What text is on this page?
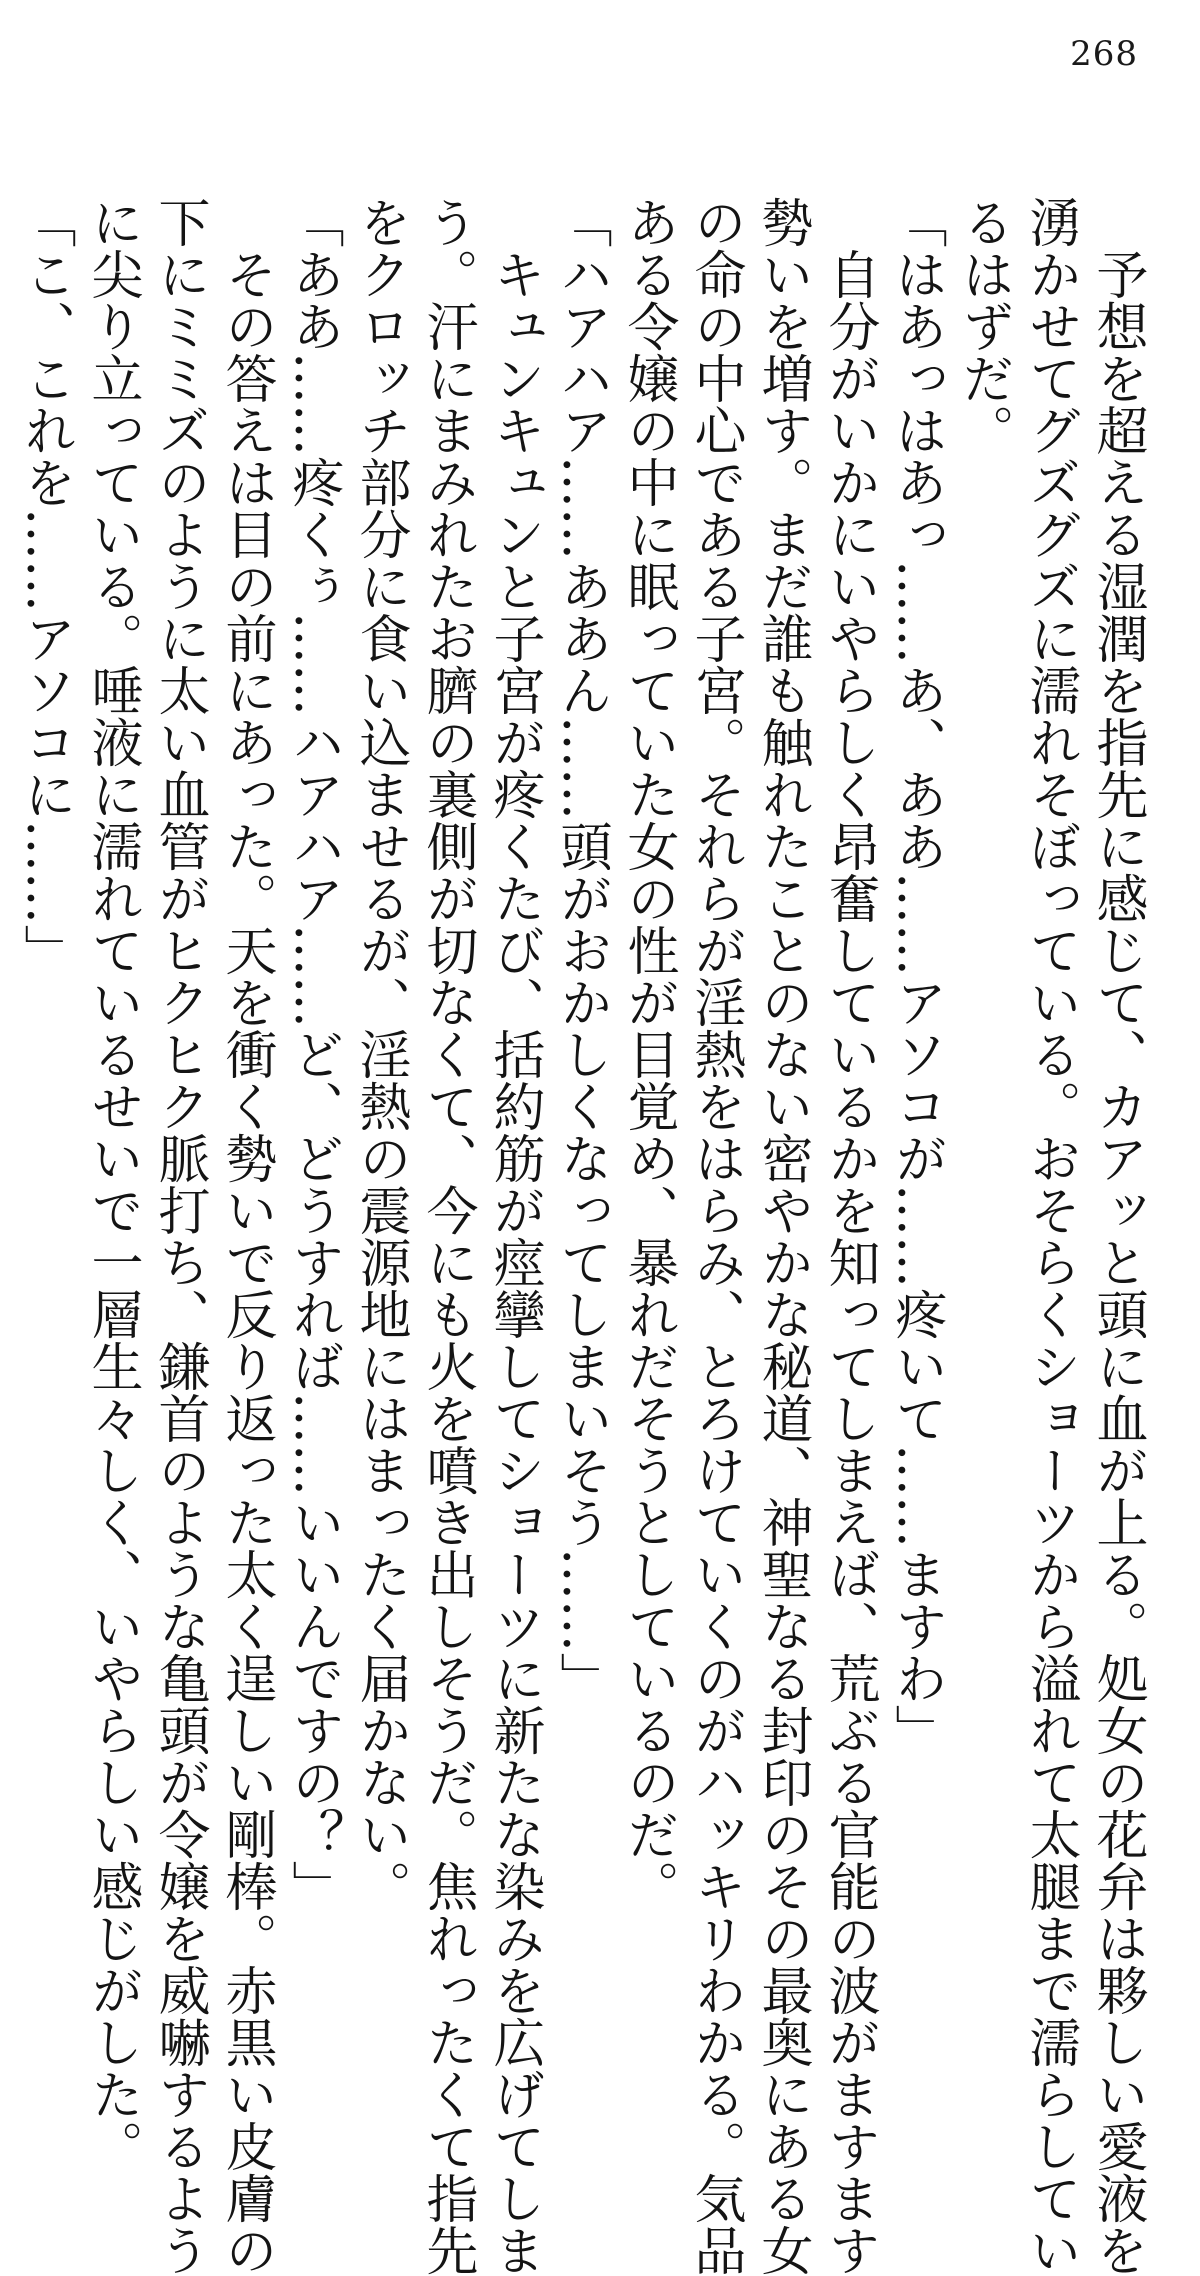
268
予想を超える湿潤を指先に感じて、カアッと頭に血が上る。処女の花弁は夥しい愛液を
湧かせてグズグズに濡れそぼっている。おそらくショーツから溢れて太腿まで濡らしてい
るはずだ。
「はあっはあっ……あ、ああ……アソコが……疼いて……ますわ」
自分がいかにいやらしく昂奮しているかを知ってしまえば、荒ぶる官能の波がますます
勢いを増す。まだ誰も触れたことのない密やかな秘道、神聖なる封印のその最奥にある女
の命の中心である子宮。それらが淫熱をはらみ、とろけていくのがハッキリわかる。気品
ある令嬢の中に眠っていた女の性が目覚め、暴れだそうとしているのだ。
「ハアハア……ああん……頭がおかしくなってしまいそう……」
キュンキュンと子宮が疼くたび、括約筋が痙攣してショーツに新たな染みを広げてしま
う。汗にまみれたお臍の裏側が切なくて、今にも火を噴き出しそうだ。焦れったくて指先
をクロッチ部分に食い込ませるが、淫熱の震源地にはまったく届かない。
「ああ……疼くぅ……ハアハア……ど、どうすれば……いいんですの？」
その答えは目の前にあった。天を衝く勢いで反り返った太く逞しい剛棒。赤黒い皮膚の
下にミミズのように太い血管がヒクヒク脈打ち、鎌首のような亀頭が令嬢を威嚇するよう
に尖り立っている。唾液に濡れているせいで一層生々しく、いやらしい感じがした。
「こ、これを……アソコに……」
